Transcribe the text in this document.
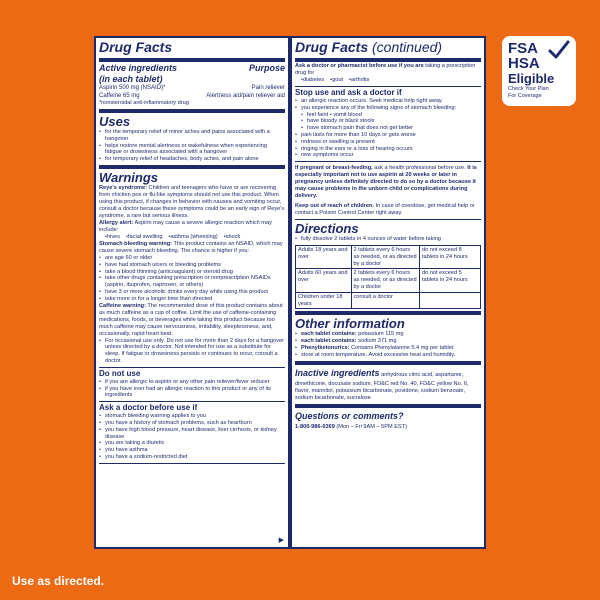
Drug Facts
Active ingredients	Purpose
(in each tablet)
Aspirin 500 mg (NSAID)*	Pain reliever
Caffeine 65 mg	Alertness aid/pain reliever aid
*nonsteroidal anti-inflammatory drug
Uses
• for the temporary relief of minor aches and pains associated with a hangover
• helps restore mental alertness or wakefulness when experiencing fatigue or drowsiness associated with a hangover
• for temporary relief of headaches, body aches, and pain alone
Warnings
Reye's syndrome: Children and teenagers who have or are recovering from chicken pox or flu-like symptoms should not use this product. When using this product, if changes in behavior with nausea and vomiting occur, consult a doctor because these symptoms could be an early sign of Reye's syndrome, a rare but serious illness.
Allergy alert: Aspirin may cause a severe allergic reaction which may include:
• hives	• facial swelling	• asthma (wheezing)	• shock
Stomach bleeding warning: This product contains an NSAID, which may cause severe stomach bleeding. The chance is higher if you:
• are age 60 or older
• have had stomach ulcers or bleeding problems
• take a blood thinning (anticoagulant) or steroid drug
• take other drugs containing prescription or nonprescription NSAIDs (aspirin, ibuprofen, naproxen, or others)
• have 3 or more alcoholic drinks every day while using this product
• take more or for a longer time than directed
Caffeine warning: The recommended dose of this product contains about as much caffeine as a cup of coffee. Limit the use of caffeine-containing medications, foods, or beverages while taking this product because too much caffeine may cause nervousness, irritability, sleeplessness, and, occasionally, rapid heart beat.
• For occasional use only. Do not use for more than 2 days for a hangover unless directed by a doctor. Not intended for use as a substitute for sleep. If fatigue or drowsiness persists or continues to recur, consult a doctor.
Do not use
• if you are allergic to aspirin or any other pain reliever/fever reducer
• if you have ever had an allergic reaction to this product or any of its ingredients
Ask a doctor before use if
• stomach bleeding warning applies to you
• you have a history of stomach problems, such as heartburn
• you have high blood pressure, heart disease, liver cirrhosis, or kidney disease
• you are taking a diuretic
• you have asthma
• you have a sodium-restricted diet
▶
Drug Facts (continued)
Ask a doctor or pharmacist before use if you are taking a prescription drug for
• diabetes	• gout	• arthritis
Stop use and ask a doctor if
• an allergic reaction occurs. Seek medical help right away.
• you experience any of the following signs of stomach bleeding:
• feel faint • vomit blood
• have bloody or black stools
• have stomach pain that does not get better
• pain lasts for more than 10 days or gets worse
• redness or swelling is present
• ringing in the ears or a loss of hearing occurs
• new symptoms occur
If pregnant or breast-feeding, ask a health professional before use. It is especially important not to use aspirin at 20 weeks or later in pregnancy unless definitely directed to do so by a doctor because it may cause problems in the unborn child or complications during delivery.
Keep out of reach of children. In case of overdose, get medical help or contact a Poison Control Center right away.
Directions
• fully dissolve 2 tablets in 4 ounces of water before taking
Adults 18 years and over	2 tablets every 6 hours as needed, or as directed by a doctor	do not exceed 8 tablets in 24 hours
Adults 60 years and over	2 tablets every 6 hours as needed, or as directed by a doctor	do not exceed 5 tablets in 24 hours
Children under 18 years	consult a doctor	
Other information
• each tablet contains: potassium 115 mg
• each tablet contains: sodium 371 mg
• Phenylketonurics: Contains Phenylalanine 5.4 mg per tablet
• store at room temperature. Avoid excessive heat and humidity.
Inactive ingredients anhydrous citric acid, aspartame, dimethicone, docusate sodium, FD&C red No. 40, FD&C yellow No. 6, flavor, mannitol, potassium bicarbonate, povidone, sodium benzoate, sodium bicarbonate, sucralose
Questions or comments?
1-800-986-0369 (Mon – Fri 9AM – 5PM EST)
FSA
HSA
Eligible
Check Your Plan
For Coverage
Use as directed.
